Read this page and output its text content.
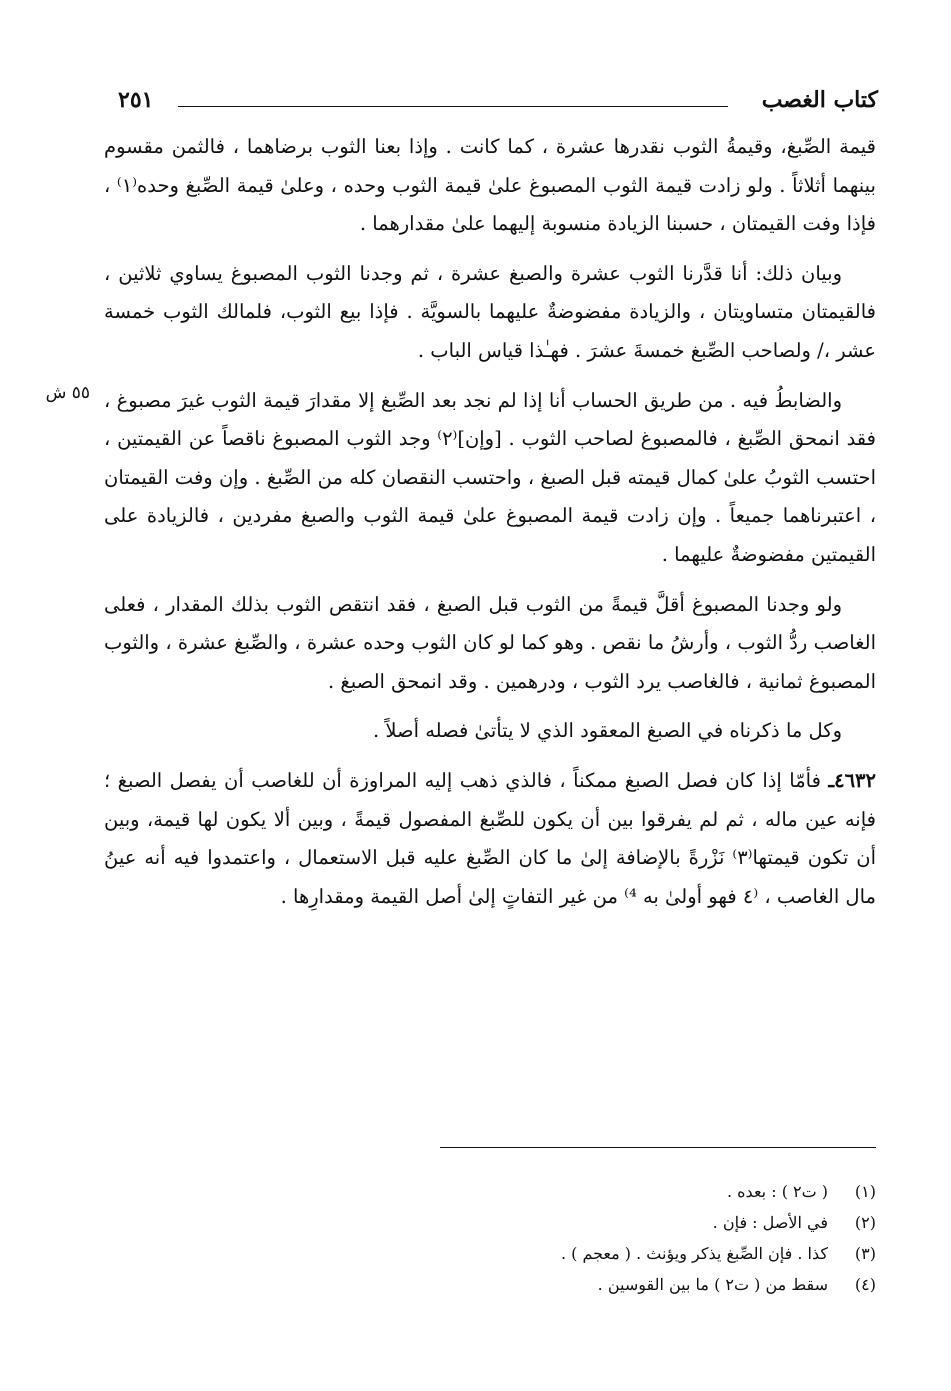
كتاب الغصب
٢٥١
٥٥ ش

قيمة الصِّبغ، وقيمةُ الثوب نقدرها عشرة ، كما كانت . وإذا بعنا الثوب برضاهما ، فالثمن مقسوم بينهما أثلاثاً . ولو زادت قيمة الثوب المصبوغ علىٰ قيمة الثوب وحده ، وعلىٰ قيمة الصِّبغ وحده⁽١⁾ ، فإذا وفت القيمتان ، حسبنا الزيادة منسوبة إليهما علىٰ مقدارهما .

وبيان ذلك: أنا قدَّرنا الثوب عشرة والصبغ عشرة ، ثم وجدنا الثوب المصبوغ يساوي ثلاثين ، فالقيمتان متساويتان ، والزيادة مفضوضةٌ عليهما بالسويَّة . فإذا بيع الثوب، فلمالك الثوب خمسة عشر ،/ ولصاحب الصِّبغ خمسةَ عشرَ . فهـٰذا قياس الباب .

والضابطُ فيه . من طريق الحساب أنا إذا لم نجد بعد الصِّبغ إلا مقدارَ قيمة الثوب غيرَ مصبوغ ، فقد انمحق الصِّبغ ، فالمصبوغ لصاحب الثوب . [وإن]⁽٢⁾ وجد الثوب المصبوغ ناقصاً عن القيمتين ، احتسب الثوبُ علىٰ كمال قيمته قبل الصبغ ، واحتسب النقصان كله من الصِّبغ . وإن وفت القيمتان ، اعتبرناهما جميعاً . وإن زادت قيمة المصبوغ علىٰ قيمة الثوب والصبغ مفردين ، فالزيادة على القيمتين مفضوضةٌ عليهما .

ولو وجدنا المصبوغ أقلَّ قيمةً من الثوب قبل الصبغ ، فقد انتقص الثوب بذلك المقدار ، فعلى الغاصب ردُّ الثوب ، وأرشُ ما نقص . وهو كما لو كان الثوب وحده عشرة ، والصِّبغ عشرة ، والثوب المصبوغ ثمانية ، فالغاصب يرد الثوب ، ودرهمين . وقد انمحق الصبغ .

وكل ما ذكرناه في الصبغ المعقود الذي لا يتأتىٰ فصله أصلاً .

٤٦٣٢ـ فأمّا إذا كان فصل الصبغ ممكناً ، فالذي ذهب إليه المراوزة أن للغاصب أن يفصل الصبغ ؛ فإنه عين ماله ، ثم لم يفرقوا بين أن يكون للصِّبغ المفصول قيمةً ، وبين ألا يكون لها قيمة، وبين أن تكون قيمتها⁽٣⁾ نَزْرةً بالإضافة إلىٰ ما كان الصِّبغ عليه قبل الاستعمال ، واعتمدوا فيه أنه عينُ مال الغاصب ، ⁽٤ فهو أولىٰ به ⁴⁾ من غير التفاتٍ إلىٰ أصل القيمة ومقدارِها .

(١)
( ت٢ ) : بعده .
(٢)
في الأصل : فإن .
(٣)
كذا . فإن الصِّبغ يذكر ويؤنث . ( معجم ) .
(٤)
سقط من ( ت٢ ) ما بين القوسين .
